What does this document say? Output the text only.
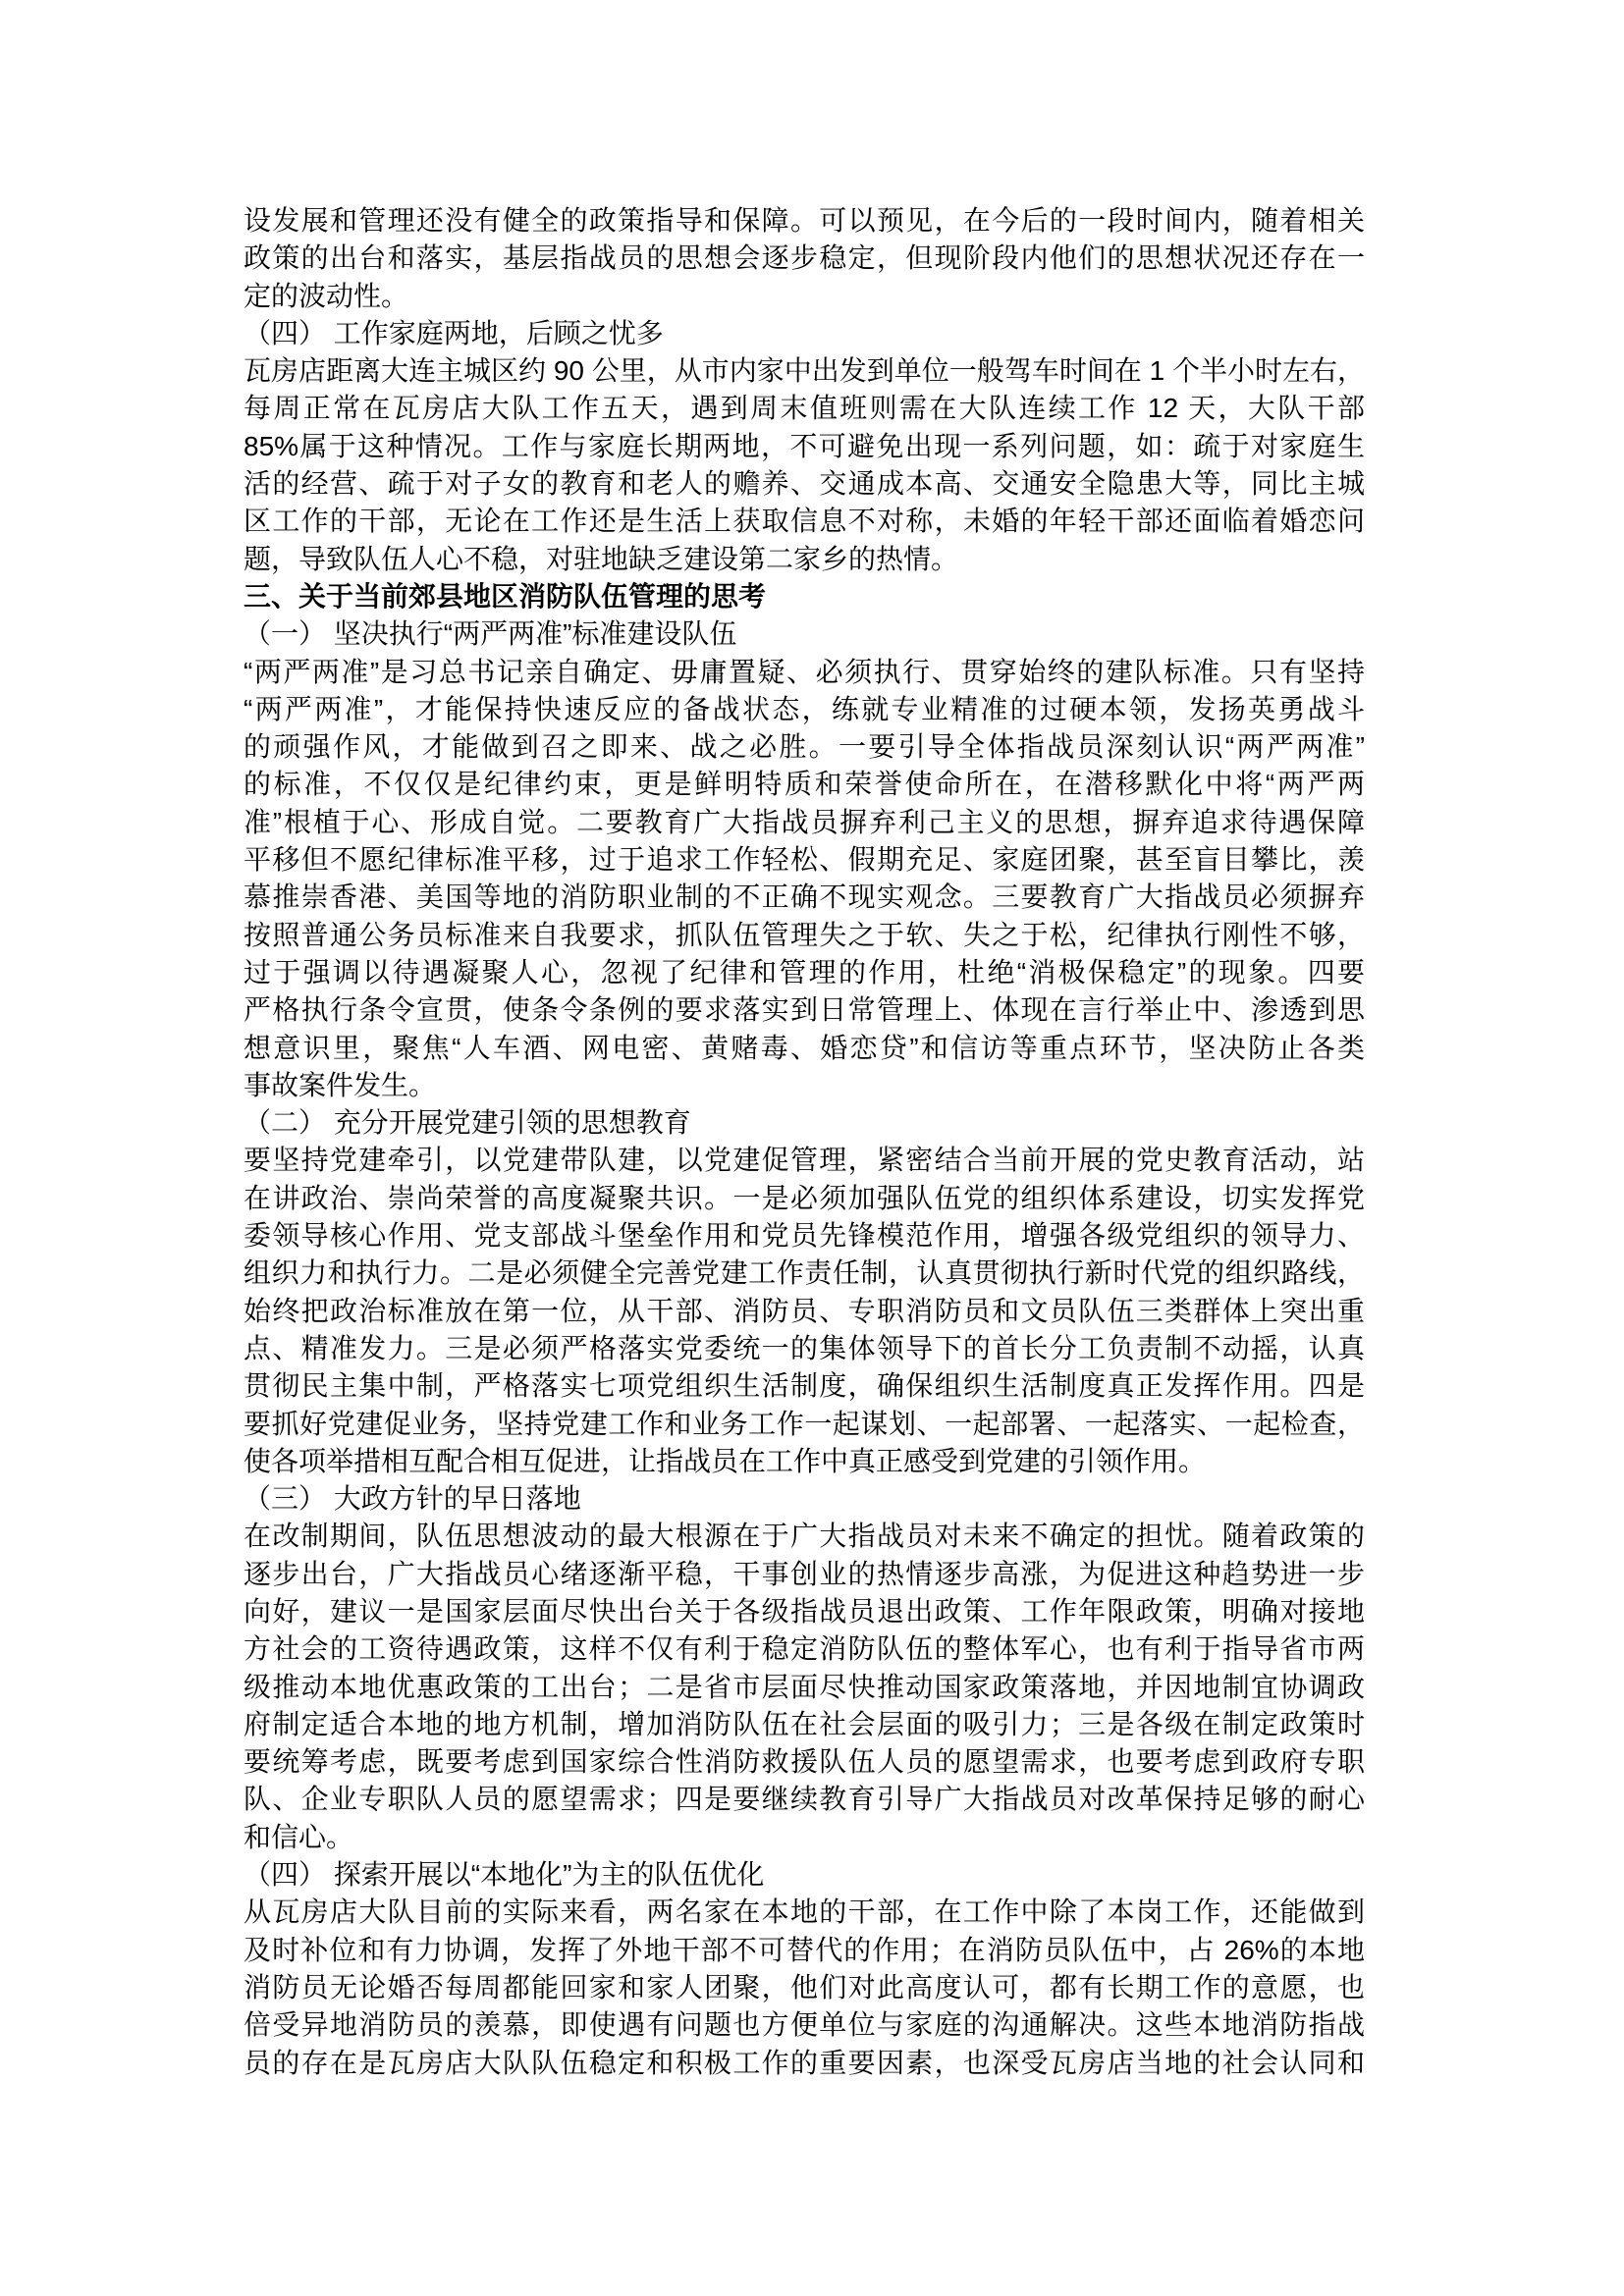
设发展和管理还没有健全的政策指导和保障。可以预见，在今后的一段时间内，随着相关
政策的出台和落实，基层指战员的思想会逐步稳定，但现阶段内他们的思想状况还存在一
定的波动性。
（四） 工作家庭两地，后顾之忧多
瓦房店距离大连主城区约 90 公里，从市内家中出发到单位一般驾车时间在 1 个半小时左右，
每周正常在瓦房店大队工作五天，遇到周末值班则需在大队连续工作 12 天，大队干部
85%属于这种情况。工作与家庭长期两地，不可避免出现一系列问题，如：疏于对家庭生
活的经营、疏于对子女的教育和老人的赡养、交通成本高、交通安全隐患大等，同比主城
区工作的干部，无论在工作还是生活上获取信息不对称，未婚的年轻干部还面临着婚恋问
题，导致队伍人心不稳，对驻地缺乏建设第二家乡的热情。
三、关于当前郊县地区消防队伍管理的思考
（一） 坚决执行“两严两准”标准建设队伍
“两严两准”是习总书记亲自确定、毋庸置疑、必须执行、贯穿始终的建队标准。只有坚持
“两严两准”，才能保持快速反应的备战状态，练就专业精准的过硬本领，发扬英勇战斗
的顽强作风，才能做到召之即来、战之必胜。一要引导全体指战员深刻认识“两严两准”
的标准，不仅仅是纪律约束，更是鲜明特质和荣誉使命所在，在潜移默化中将“两严两
准”根植于心、形成自觉。二要教育广大指战员摒弃利己主义的思想，摒弃追求待遇保障
平移但不愿纪律标准平移，过于追求工作轻松、假期充足、家庭团聚，甚至盲目攀比，羡
慕推崇香港、美国等地的消防职业制的不正确不现实观念。三要教育广大指战员必须摒弃
按照普通公务员标准来自我要求，抓队伍管理失之于软、失之于松，纪律执行刚性不够，
过于强调以待遇凝聚人心，忽视了纪律和管理的作用，杜绝“消极保稳定”的现象。四要
严格执行条令宣贯，使条令条例的要求落实到日常管理上、体现在言行举止中、渗透到思
想意识里，聚焦“人车酒、网电密、黄赌毒、婚恋贷”和信访等重点环节，坚决防止各类
事故案件发生。
（二） 充分开展党建引领的思想教育
要坚持党建牵引，以党建带队建，以党建促管理，紧密结合当前开展的党史教育活动，站
在讲政治、崇尚荣誉的高度凝聚共识。一是必须加强队伍党的组织体系建设，切实发挥党
委领导核心作用、党支部战斗堡垒作用和党员先锋模范作用，增强各级党组织的领导力、
组织力和执行力。二是必须健全完善党建工作责任制，认真贯彻执行新时代党的组织路线，
始终把政治标准放在第一位，从干部、消防员、专职消防员和文员队伍三类群体上突出重
点、精准发力。三是必须严格落实党委统一的集体领导下的首长分工负责制不动摇，认真
贯彻民主集中制，严格落实七项党组织生活制度，确保组织生活制度真正发挥作用。四是
要抓好党建促业务，坚持党建工作和业务工作一起谋划、一起部署、一起落实、一起检查，
使各项举措相互配合相互促进，让指战员在工作中真正感受到党建的引领作用。
（三） 大政方针的早日落地
在改制期间，队伍思想波动的最大根源在于广大指战员对未来不确定的担忧。随着政策的
逐步出台，广大指战员心绪逐渐平稳，干事创业的热情逐步高涨，为促进这种趋势进一步
向好，建议一是国家层面尽快出台关于各级指战员退出政策、工作年限政策，明确对接地
方社会的工资待遇政策，这样不仅有利于稳定消防队伍的整体军心，也有利于指导省市两
级推动本地优惠政策的工出台；二是省市层面尽快推动国家政策落地，并因地制宜协调政
府制定适合本地的地方机制，增加消防队伍在社会层面的吸引力；三是各级在制定政策时
要统筹考虑，既要考虑到国家综合性消防救援队伍人员的愿望需求，也要考虑到政府专职
队、企业专职队人员的愿望需求；四是要继续教育引导广大指战员对改革保持足够的耐心
和信心。
（四） 探索开展以“本地化”为主的队伍优化
从瓦房店大队目前的实际来看，两名家在本地的干部，在工作中除了本岗工作，还能做到
及时补位和有力协调，发挥了外地干部不可替代的作用；在消防员队伍中，占 26%的本地
消防员无论婚否每周都能回家和家人团聚，他们对此高度认可，都有长期工作的意愿，也
倍受异地消防员的羡慕，即使遇有问题也方便单位与家庭的沟通解决。这些本地消防指战
员的存在是瓦房店大队队伍稳定和积极工作的重要因素，也深受瓦房店当地的社会认同和
